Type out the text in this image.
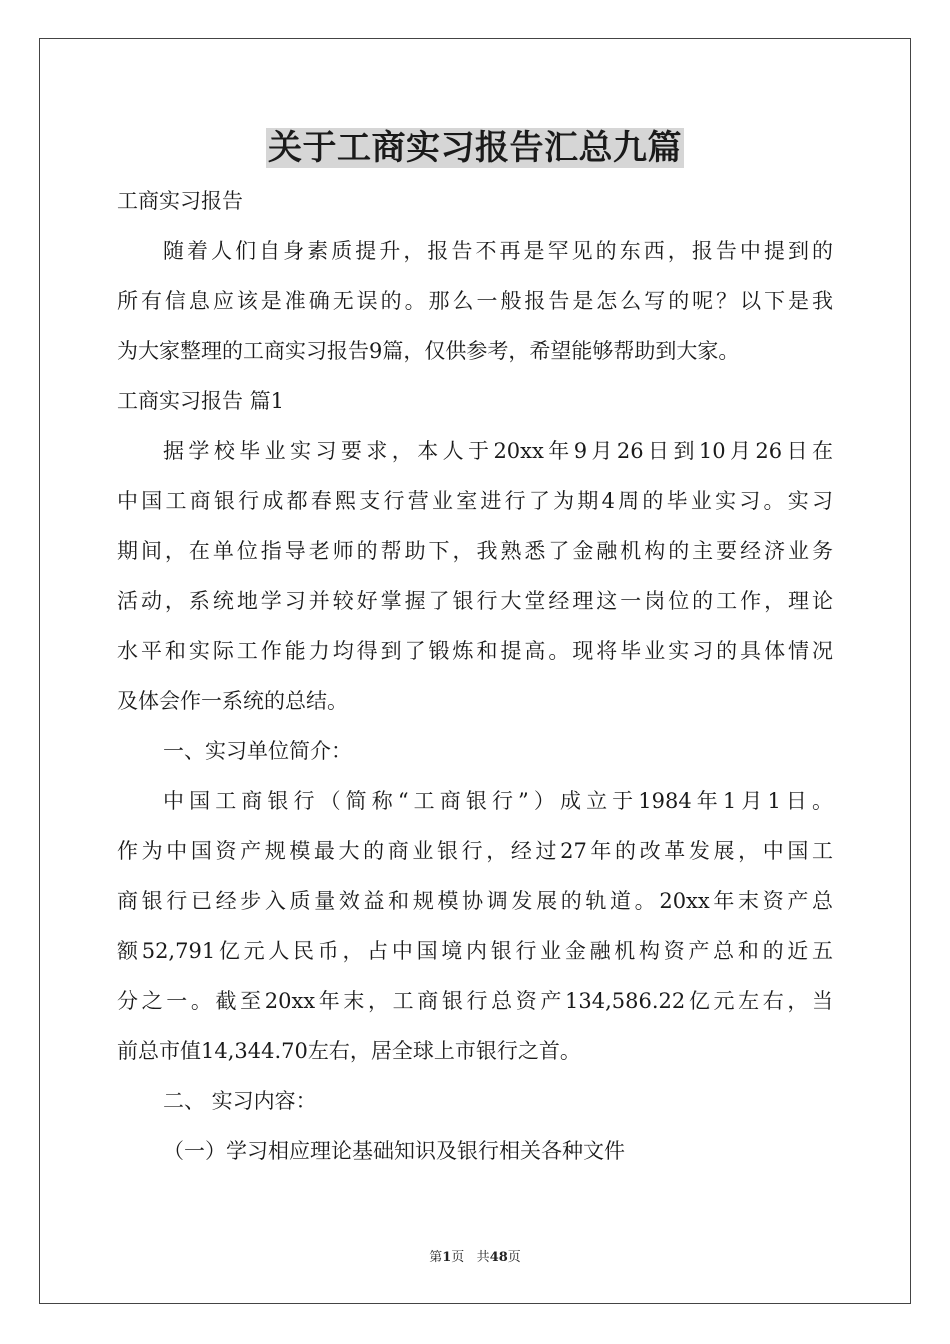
关于工商实习报告汇总九篇
工商实习报告
随着人们自身素质提升，报告不再是罕见的东西，报告中提到的
所有信息应该是准确无误的。那么一般报告是怎么写的呢？以下是我
为大家整理的工商实习报告9篇，仅供参考，希望能够帮助到大家。
工商实习报告 篇1
据学校毕业实习要求，本人于20xx年9月26日到10月26日在
中国工商银行成都春熙支行营业室进行了为期4周的毕业实习。实习
期间，在单位指导老师的帮助下，我熟悉了金融机构的主要经济业务
活动，系统地学习并较好掌握了银行大堂经理这一岗位的工作，理论
水平和实际工作能力均得到了锻炼和提高。现将毕业实习的具体情况
及体会作一系统的总结。
一、实习单位简介：
中国工商银行（简称“工商银行”）成立于1984年1月1日。
作为中国资产规模最大的商业银行，经过27年的改革发展，中国工
商银行已经步入质量效益和规模协调发展的轨道。20xx年末资产总
额52,791亿元人民币，占中国境内银行业金融机构资产总和的近五
分之一。截至20xx年末，工商银行总资产134,586.22亿元左右，当
前总市值14,344.70左右，居全球上市银行之首。
二、 实习内容：
（一）学习相应理论基础知识及银行相关各种文件
第1页 共48页
